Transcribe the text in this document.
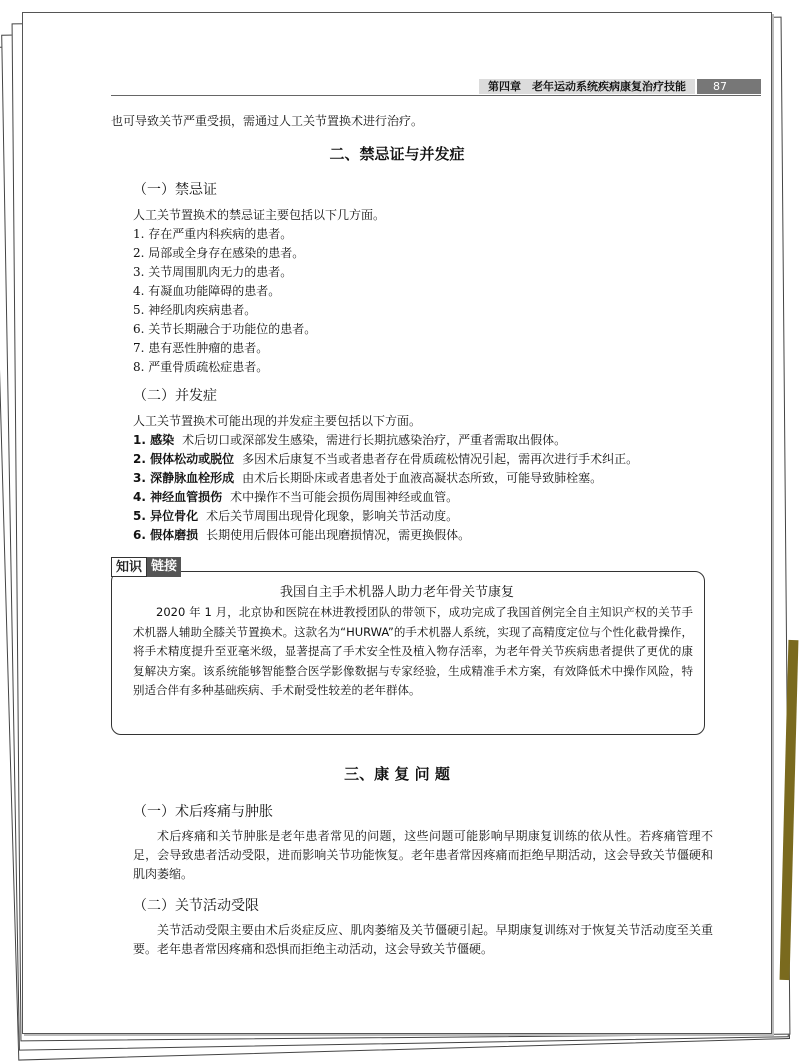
第四章　老年运动系统疾病康复治疗技能	87
也可导致关节严重受损，需通过人工关节置换术进行治疗。
二、禁忌证与并发症
（一）禁忌证
人工关节置换术的禁忌证主要包括以下几方面。
1. 存在严重内科疾病的患者。
2. 局部或全身存在感染的患者。
3. 关节周围肌肉无力的患者。
4. 有凝血功能障碍的患者。
5. 神经肌肉疾病患者。
6. 关节长期融合于功能位的患者。
7. 患有恶性肿瘤的患者。
8. 严重骨质疏松症患者。
（二）并发症
人工关节置换术可能出现的并发症主要包括以下方面。
1. 感染 术后切口或深部发生感染，需进行长期抗感染治疗，严重者需取出假体。
2. 假体松动或脱位 多因术后康复不当或者患者存在骨质疏松情况引起，需再次进行手术纠正。
3. 深静脉血栓形成 由术后长期卧床或者患者处于血液高凝状态所致，可能导致肺栓塞。
4. 神经血管损伤 术中操作不当可能会损伤周围神经或血管。
5. 异位骨化 术后关节周围出现骨化现象，影响关节活动度。
6. 假体磨损 长期使用后假体可能出现磨损情况，需更换假体。
知识 链接
我国自主手术机器人助力老年骨关节康复
2020 年 1 月，北京协和医院在林进教授团队的带领下，成功完成了我国首例完全自主知识产权的关节手术机器人辅助全膝关节置换术。这款名为“HURWA”的手术机器人系统，实现了高精度定位与个性化截骨操作，将手术精度提升至亚毫米级，显著提高了手术安全性及植入物存活率，为老年骨关节疾病患者提供了更优的康复解决方案。该系统能够智能整合医学影像数据与专家经验，生成精准手术方案，有效降低术中操作风险，特别适合伴有多种基础疾病、手术耐受性较差的老年群体。
三、康 复 问 题
（一）术后疼痛与肿胀

术后疼痛和关节肿胀是老年患者常见的问题，这些问题可能影响早期康复训练的依从性。若疼痛管理不足，会导致患者活动受限，进而影响关节功能恢复。老年患者常因疼痛而拒绝早期活动，这会导致关节僵硬和肌肉萎缩。

（二）关节活动受限

关节活动受限主要由术后炎症反应、肌肉萎缩及关节僵硬引起。早期康复训练对于恢复关节活动度至关重要。老年患者常因疼痛和恐惧而拒绝主动活动，这会导致关节僵硬。
